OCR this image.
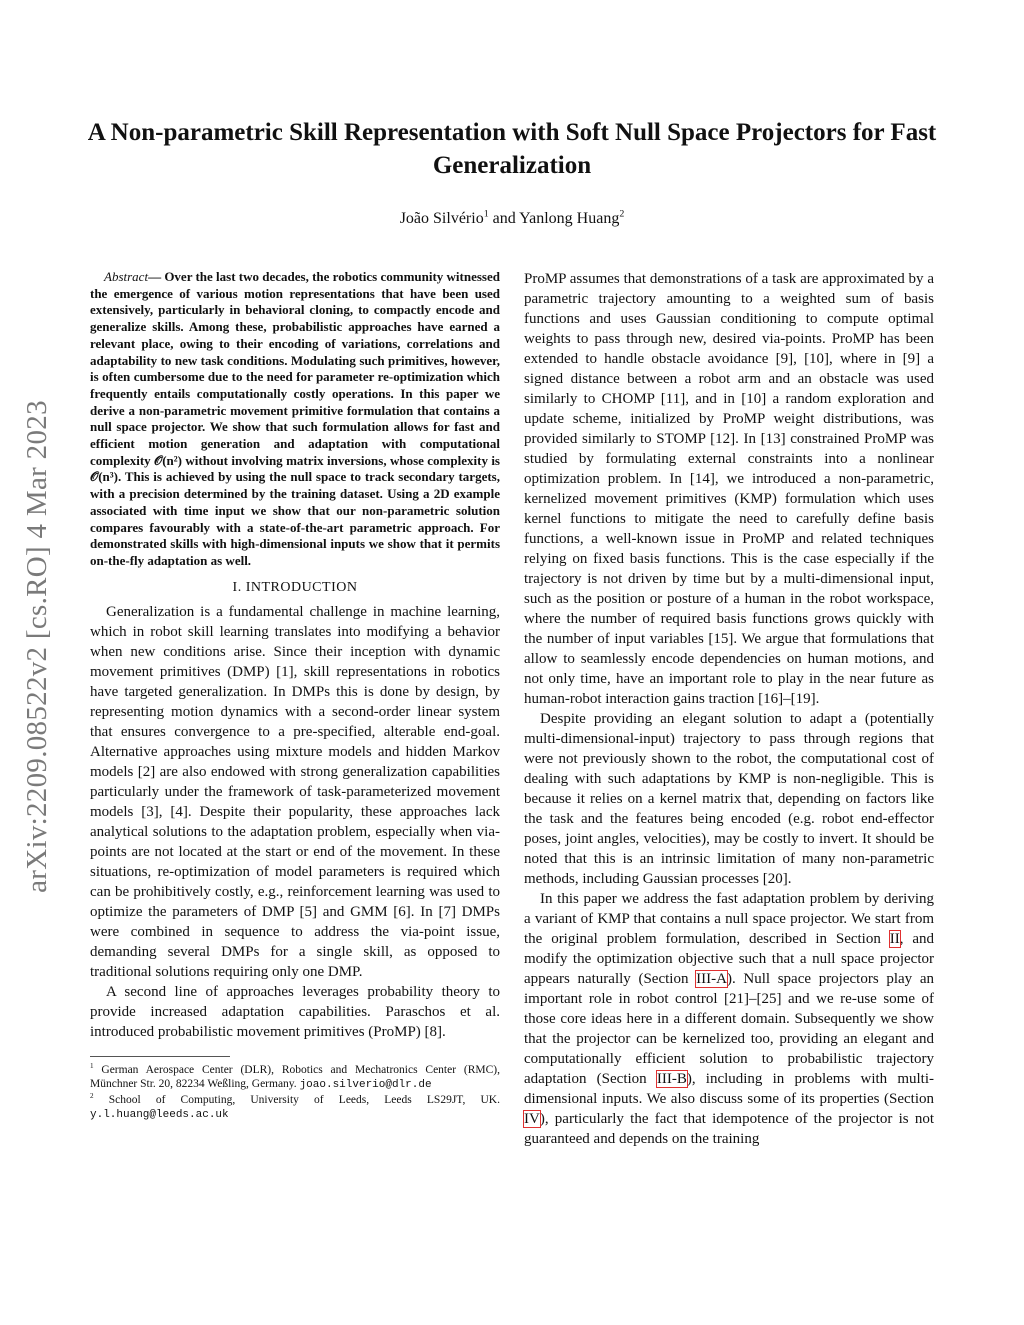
arXiv:2209.08522v2 [cs.RO] 4 Mar 2023
A Non-parametric Skill Representation with Soft Null Space Projectors for Fast Generalization
João Silvério$^1$ and Yanlong Huang$^2$

Abstract— Over the last two decades, the robotics community witnessed the emergence of various motion representations that have been used extensively, particularly in behavioral cloning, to compactly encode and generalize skills. Among these, probabilistic approaches have earned a relevant place, owing to their encoding of variations, correlations and adaptability to new task conditions. Modulating such primitives, however, is often cumbersome due to the need for parameter re-optimization which frequently entails computationally costly operations. In this paper we derive a non-parametric movement primitive formulation that contains a null space projector. We show that such formulation allows for fast and efficient motion generation and adaptation with computational complexity 𝒪(n²) without involving matrix inversions, whose complexity is 𝒪(n³). This is achieved by using the null space to track secondary targets, with a precision determined by the training dataset. Using a 2D example associated with time input we show that our non-parametric solution compares favourably with a state-of-the-art parametric approach. For demonstrated skills with high-dimensional inputs we show that it permits on-the-fly adaptation as well.

I. INTRODUCTION

Generalization is a fundamental challenge in machine learning, which in robot skill learning translates into modifying a behavior when new conditions arise. Since their inception with dynamic movement primitives (DMP) [1], skill representations in robotics have targeted generalization. In DMPs this is done by design, by representing motion dynamics with a second-order linear system that ensures convergence to a pre-specified, alterable end-goal. Alternative approaches using mixture models and hidden Markov models [2] are also endowed with strong generalization capabilities particularly under the framework of task-parameterized movement models [3], [4]. Despite their popularity, these approaches lack analytical solutions to the adaptation problem, especially when via-points are not located at the start or end of the movement. In these situations, re-optimization of model parameters is required which can be prohibitively costly, e.g., reinforcement learning was used to optimize the parameters of DMP [5] and GMM [6]. In [7] DMPs were combined in sequence to address the via-point issue, demanding several DMPs for a single skill, as opposed to traditional solutions requiring only one DMP.

A second line of approaches leverages probability theory to provide increased adaptation capabilities. Paraschos et al. introduced probabilistic movement primitives (ProMP) [8].

$^1$ German Aerospace Center (DLR), Robotics and Mechatronics Center (RMC), Münchner Str. 20, 82234 Weßling, Germany. joao.silverio@dlr.de

$^2$ School of Computing, University of Leeds, Leeds LS29JT, UK. y.l.huang@leeds.ac.uk

ProMP assumes that demonstrations of a task are approximated by a parametric trajectory amounting to a weighted sum of basis functions and uses Gaussian conditioning to compute optimal weights to pass through new, desired via-points. ProMP has been extended to handle obstacle avoidance [9], [10], where in [9] a signed distance between a robot arm and an obstacle was used similarly to CHOMP [11], and in [10] a random exploration and update scheme, initialized by ProMP weight distributions, was provided similarly to STOMP [12]. In [13] constrained ProMP was studied by formulating external constraints into a nonlinear optimization problem. In [14], we introduced a non-parametric, kernelized movement primitives (KMP) formulation which uses kernel functions to mitigate the need to carefully define basis functions, a well-known issue in ProMP and related techniques relying on fixed basis functions. This is the case especially if the trajectory is not driven by time but by a multi-dimensional input, such as the position or posture of a human in the robot workspace, where the number of required basis functions grows quickly with the number of input variables [15]. We argue that formulations that allow to seamlessly encode dependencies on human motions, and not only time, have an important role to play in the near future as human-robot interaction gains traction [16]–[19].

Despite providing an elegant solution to adapt a (potentially multi-dimensional-input) trajectory to pass through regions that were not previously shown to the robot, the computational cost of dealing with such adaptations by KMP is non-negligible. This is because it relies on a kernel matrix that, depending on factors like the task and the features being encoded (e.g. robot end-effector poses, joint angles, velocities), may be costly to invert. It should be noted that this is an intrinsic limitation of many non-parametric methods, including Gaussian processes [20].

In this paper we address the fast adaptation problem by deriving a variant of KMP that contains a null space projector. We start from the original problem formulation, described in Section II, and modify the optimization objective such that a null space projector appears naturally (Section III-A). Null space projectors play an important role in robot control [21]–[25] and we re-use some of those core ideas here in a different domain. Subsequently we show that the projector can be kernelized too, providing an elegant and computationally efficient solution to probabilistic trajectory adaptation (Section III-B), including in problems with multi-dimensional inputs. We also discuss some of its properties (Section IV), particularly the fact that idempotence of the projector is not guaranteed and depends on the training
